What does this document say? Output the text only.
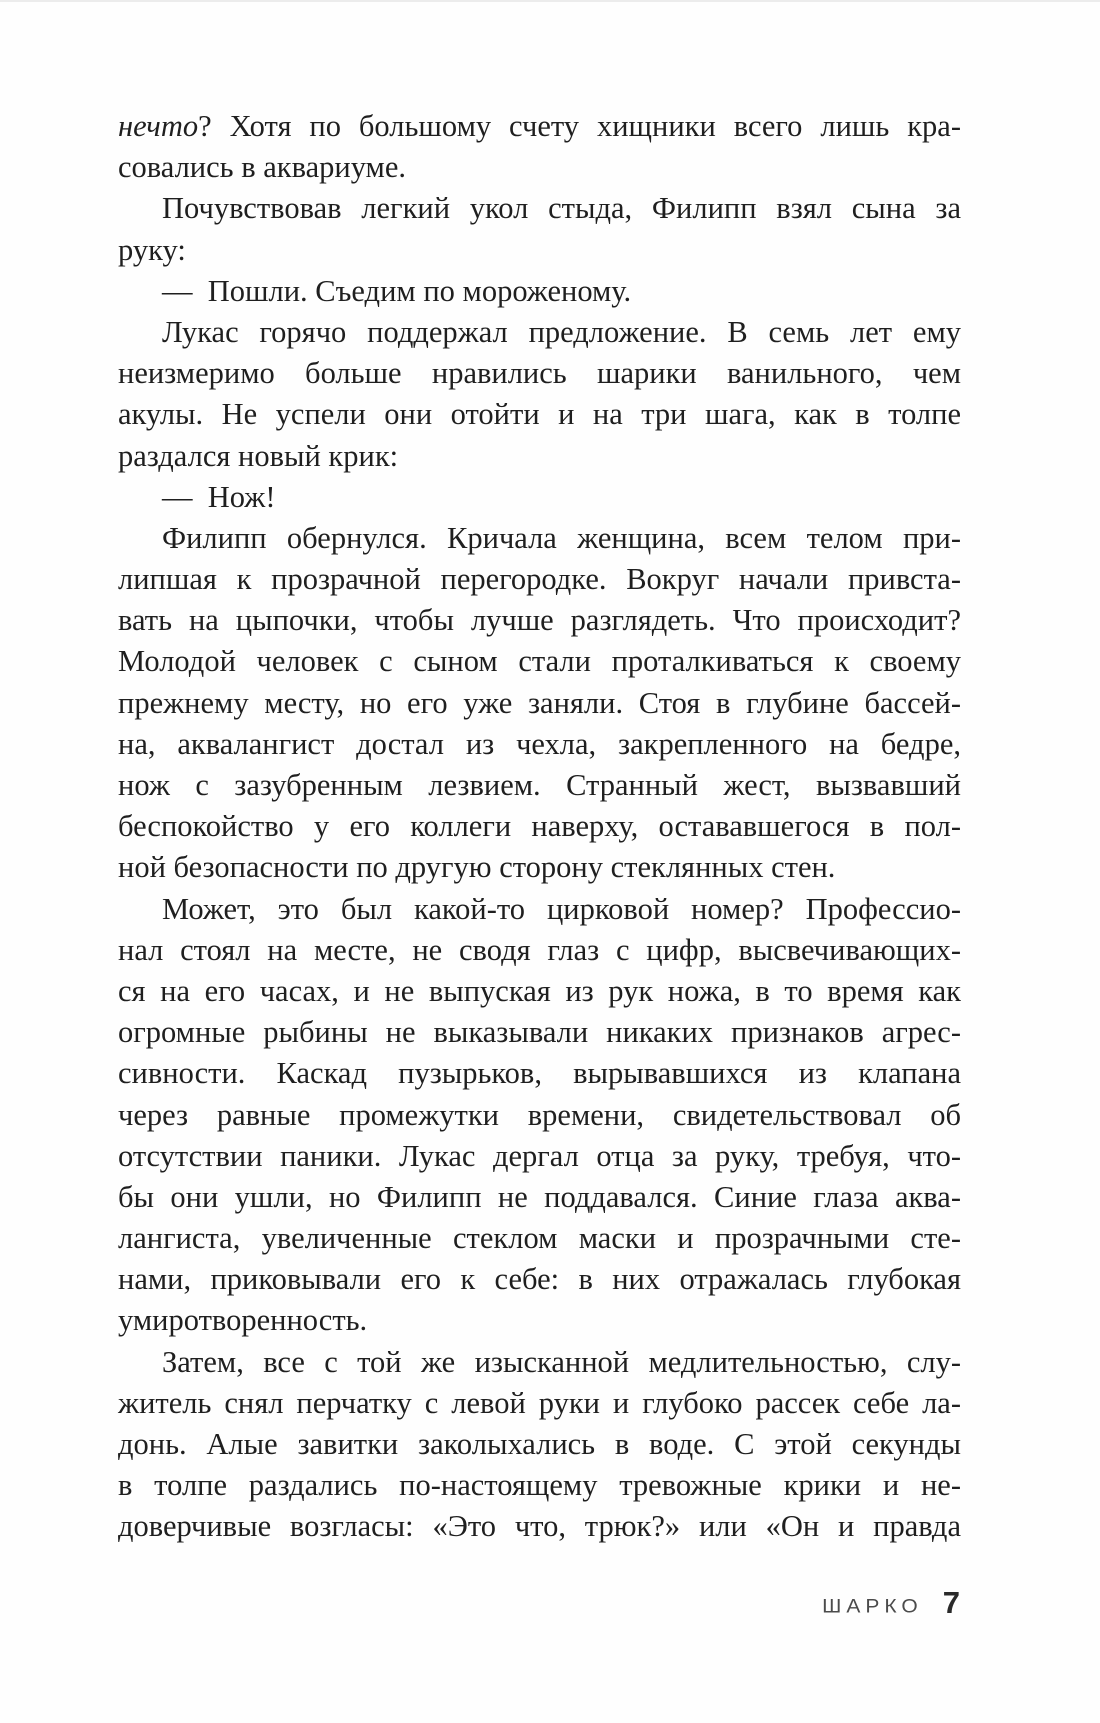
нечто? Хотя по большому счету хищники всего лишь кра-
совались в аквариуме.
Почувствовав легкий укол стыда, Филипп взял сына за
руку:
— Пошли. Съедим по мороженому.
Лукас горячо поддержал предложение. В семь лет ему
неизмеримо больше нравились шарики ванильного, чем
акулы. Не успели они отойти и на три шага, как в толпе
раздался новый крик:
— Нож!
Филипп обернулся. Кричала женщина, всем телом при-
липшая к прозрачной перегородке. Вокруг начали привста-
вать на цыпочки, чтобы лучше разглядеть. Что происходит?
Молодой человек с сыном стали проталкиваться к своему
прежнему месту, но его уже заняли. Стоя в глубине бассей-
на, аквалангист достал из чехла, закрепленного на бедре,
нож с зазубренным лезвием. Странный жест, вызвавший
беспокойство у его коллеги наверху, остававшегося в пол-
ной безопасности по другую сторону стеклянных стен.
Может, это был какой-то цирковой номер? Профессио-
нал стоял на месте, не сводя глаз с цифр, высвечивающих-
ся на его часах, и не выпуская из рук ножа, в то время как
огромные рыбины не выказывали никаких признаков агрес-
сивности. Каскад пузырьков, вырывавшихся из клапана
через равные промежутки времени, свидетельствовал об
отсутствии паники. Лукас дергал отца за руку, требуя, что-
бы они ушли, но Филипп не поддавался. Синие глаза аква-
лангиста, увеличенные стеклом маски и прозрачными сте-
нами, приковывали его к себе: в них отражалась глубокая
умиротворенность.
Затем, все с той же изысканной медлительностью, слу-
житель снял перчатку с левой руки и глубоко рассек себе ла-
донь. Алые завитки заколыхались в воде. С этой секунды
в толпе раздались по-настоящему тревожные крики и не-
доверчивые возгласы: «Это что, трюк?» или «Он и правда
ШАРКО 7
